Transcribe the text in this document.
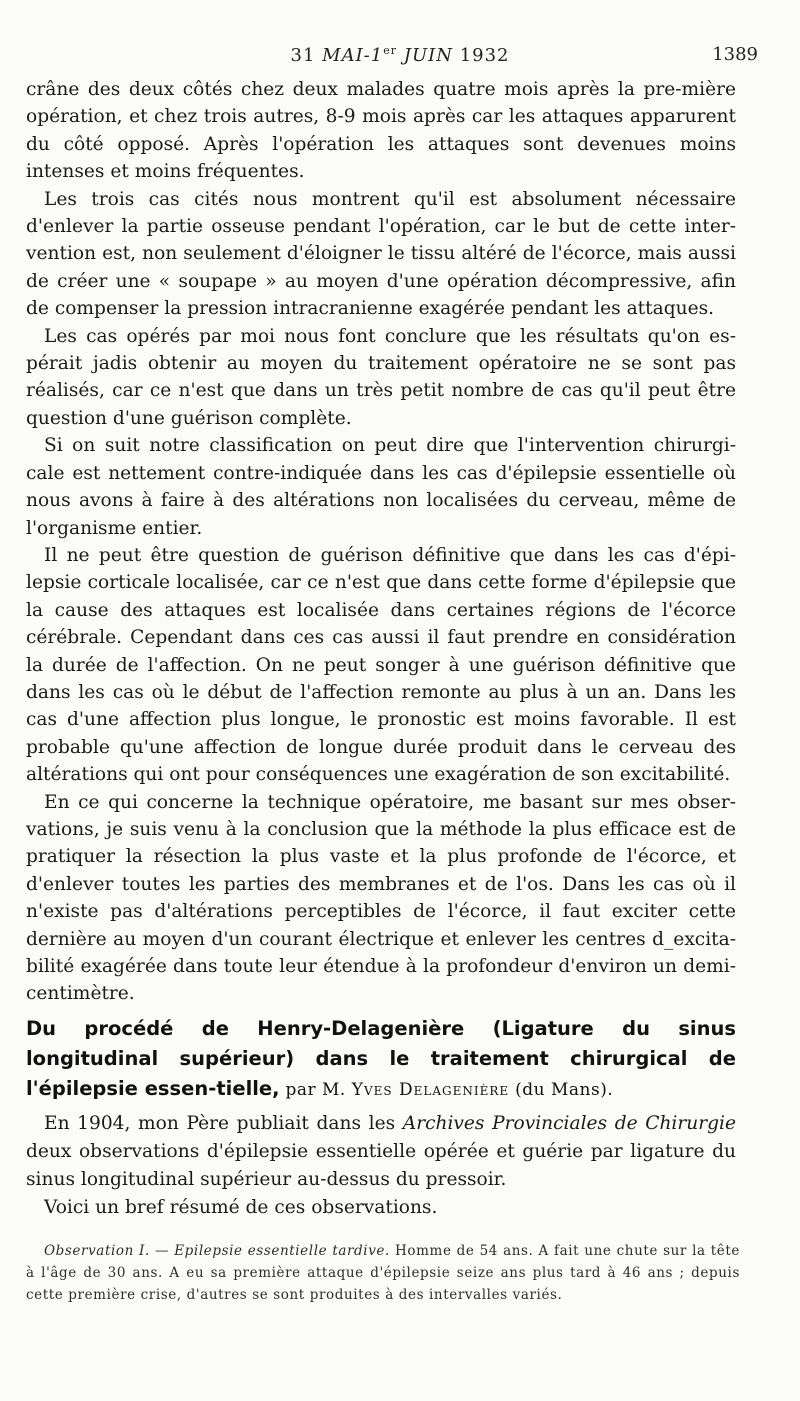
31 MAI-1er JUIN 1932	1389

crâne des deux côtés chez deux malades quatre mois après la pre-mière opération, et chez trois autres, 8-9 mois après car les attaques apparurent du côté opposé. Après l'opération les attaques sont devenues moins intenses et moins fréquentes.

Les trois cas cités nous montrent qu'il est absolument nécessaire d'enlever la partie osseuse pendant l'opération, car le but de cette inter-vention est, non seulement d'éloigner le tissu altéré de l'écorce, mais aussi de créer une « soupape » au moyen d'une opération décompressive, afin de compenser la pression intracranienne exagérée pendant les attaques.

Les cas opérés par moi nous font conclure que les résultats qu'on es-pérait jadis obtenir au moyen du traitement opératoire ne se sont pas réalisés, car ce n'est que dans un très petit nombre de cas qu'il peut être question d'une guérison complète.

Si on suit notre classification on peut dire que l'intervention chirurgi-cale est nettement contre-indiquée dans les cas d'épilepsie essentielle où nous avons à faire à des altérations non localisées du cerveau, même de l'organisme entier.

Il ne peut être question de guérison définitive que dans les cas d'épi-lepsie corticale localisée, car ce n'est que dans cette forme d'épilepsie que la cause des attaques est localisée dans certaines régions de l'écorce cérébrale. Cependant dans ces cas aussi il faut prendre en considération la durée de l'affection. On ne peut songer à une guérison définitive que dans les cas où le début de l'affection remonte au plus à un an. Dans les cas d'une affection plus longue, le pronostic est moins favorable. Il est probable qu'une affection de longue durée produit dans le cerveau des altérations qui ont pour conséquences une exagération de son excitabilité.

En ce qui concerne la technique opératoire, me basant sur mes obser-vations, je suis venu à la conclusion que la méthode la plus efficace est de pratiquer la résection la plus vaste et la plus profonde de l'écorce, et d'enlever toutes les parties des membranes et de l'os. Dans les cas où il n'existe pas d'altérations perceptibles de l'écorce, il faut exciter cette dernière au moyen d'un courant électrique et enlever les centres d_excita-bilité exagérée dans toute leur étendue à la profondeur d'environ un demi-centimètre.

Du procédé de Henry-Delagenière (Ligature du sinus longitudinal supérieur) dans le traitement chirurgical de l'épilepsie essen-tielle, par M. Yves Delagenière (du Mans).

En 1904, mon Père publiait dans les Archives Provinciales de Chirurgie deux observations d'épilepsie essentielle opérée et guérie par ligature du sinus longitudinal supérieur au-dessus du pressoir.

Voici un bref résumé de ces observations.

Observation I. — Epilepsie essentielle tardive. Homme de 54 ans. A fait une chute sur la tête à l'âge de 30 ans. A eu sa première attaque d'épilepsie seize ans plus tard à 46 ans ; depuis cette première crise, d'autres se sont produites à des intervalles variés.
